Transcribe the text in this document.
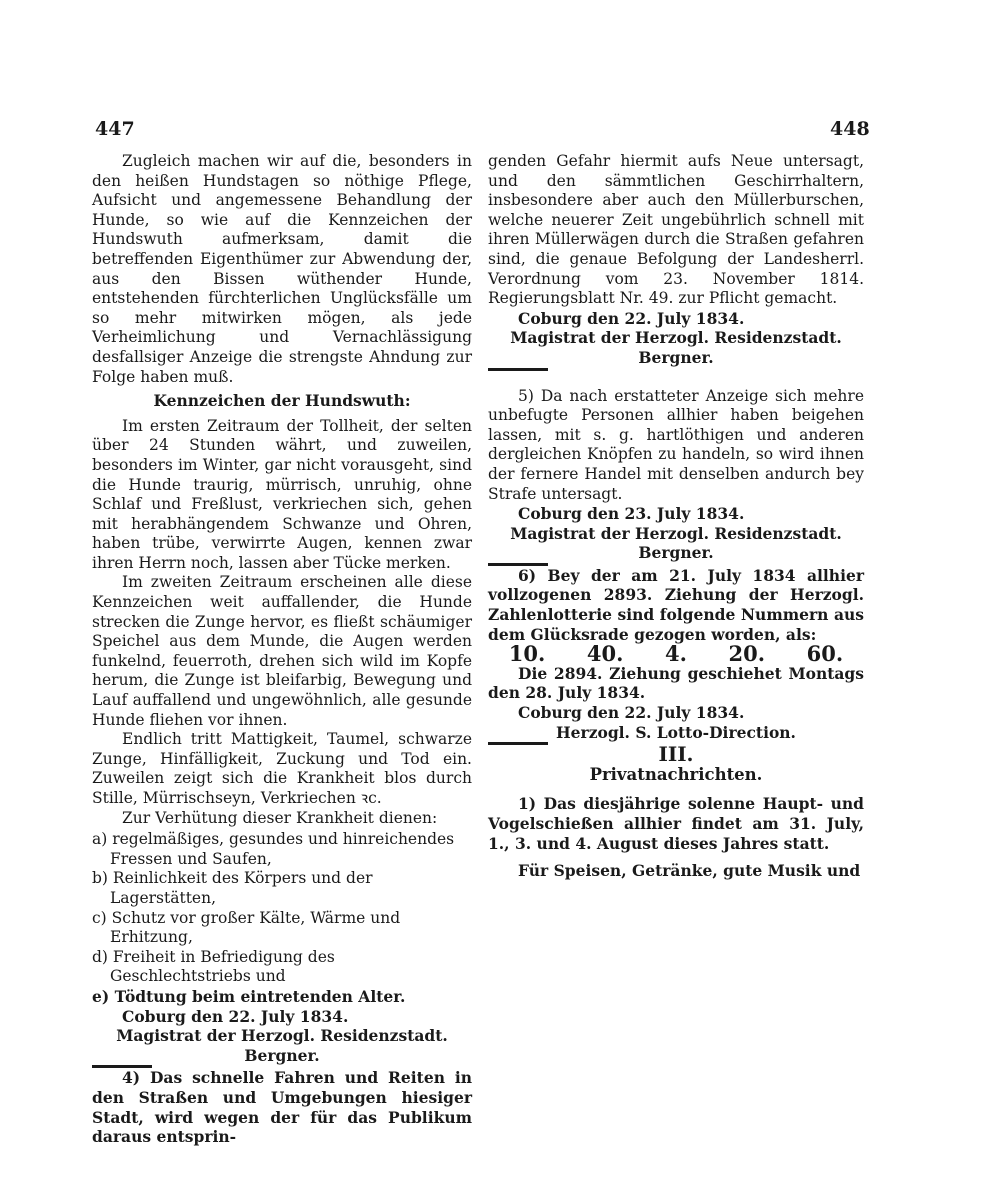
447	448

Zugleich machen wir auf die, besonders in den heißen Hundstagen so nöthige Pflege, Aufsicht und angemessene Behandlung der Hunde, so wie auf die Kennzeichen der Hundswuth aufmerksam, damit die betreffenden Eigenthümer zur Abwendung der, aus den Bissen wüthender Hunde, entstehenden fürchterlichen Unglücksfälle um so mehr mitwirken mögen, als jede Verheimlichung und Vernachlässigung desfallsiger Anzeige die strengste Ahndung zur Folge haben muß.

Kennzeichen der Hundswuth:

Im ersten Zeitraum der Tollheit, der selten über 24 Stunden währt, und zuweilen, besonders im Winter, gar nicht vorausgeht, sind die Hunde traurig, mürrisch, unruhig, ohne Schlaf und Freßlust, verkriechen sich, gehen mit herabhängendem Schwanze und Ohren, haben trübe, verwirrte Augen, kennen zwar ihren Herrn noch, lassen aber Tücke merken.

Im zweiten Zeitraum erscheinen alle diese Kennzeichen weit auffallender, die Hunde strecken die Zunge hervor, es fließt schäumiger Speichel aus dem Munde, die Augen werden funkelnd, feuerroth, drehen sich wild im Kopfe herum, die Zunge ist bleifarbig, Bewegung und Lauf auffallend und ungewöhnlich, alle gesunde Hunde fliehen vor ihnen.

Endlich tritt Mattigkeit, Taumel, schwarze Zunge, Hinfälligkeit, Zuckung und Tod ein. Zuweilen zeigt sich die Krankheit blos durch Stille, Mürrischseyn, Verkriechen ꝛc.

Zur Verhütung dieser Krankheit dienen:

a) regelmäßiges, gesundes und hinreichendes Fressen und Saufen,
b) Reinlichkeit des Körpers und der Lagerstätten,
c) Schutz vor großer Kälte, Wärme und Erhitzung,
d) Freiheit in Befriedigung des Geschlechtstriebs und
e) Tödtung beim eintretenden Alter.
Coburg den 22. July 1834.
Magistrat der Herzogl. Residenzstadt.
Bergner.

4) Das schnelle Fahren und Reiten in den Straßen und Umgebungen hiesiger Stadt, wird wegen der für das Publikum daraus entsprin-

genden Gefahr hiermit aufs Neue untersagt, und den sämmtlichen Geschirrhaltern, insbesondere aber auch den Müllerburschen, welche neuerer Zeit ungebührlich schnell mit ihren Müllerwägen durch die Straßen gefahren sind, die genaue Befolgung der Landesherrl. Verordnung vom 23. November 1814. Regierungsblatt Nr. 49. zur Pflicht gemacht.

Coburg den 22. July 1834.
Magistrat der Herzogl. Residenzstadt.
Bergner.

5) Da nach erstatteter Anzeige sich mehre unbefugte Personen allhier haben beigehen lassen, mit s. g. hartlöthigen und anderen dergleichen Knöpfen zu handeln, so wird ihnen der fernere Handel mit denselben andurch bey Strafe untersagt.

Coburg den 23. July 1834.
Magistrat der Herzogl. Residenzstadt.
Bergner.

6) Bey der am 21. July 1834 allhier vollzogenen 2893. Ziehung der Herzogl. Zahlenlotterie sind folgende Nummern aus dem Glücksrade gezogen worden, als:

10. 40. 4. 20. 60.

Die 2894. Ziehung geschiehet Montags den 28. July 1834.

Coburg den 22. July 1834.
Herzogl. S. Lotto-Direction.
III.
Privatnachrichten.

1) Das diesjährige solenne Haupt- und Vogelschießen allhier findet am 31. July, 1., 3. und 4. August dieses Jahres statt.

Für Speisen, Getränke, gute Musik und
